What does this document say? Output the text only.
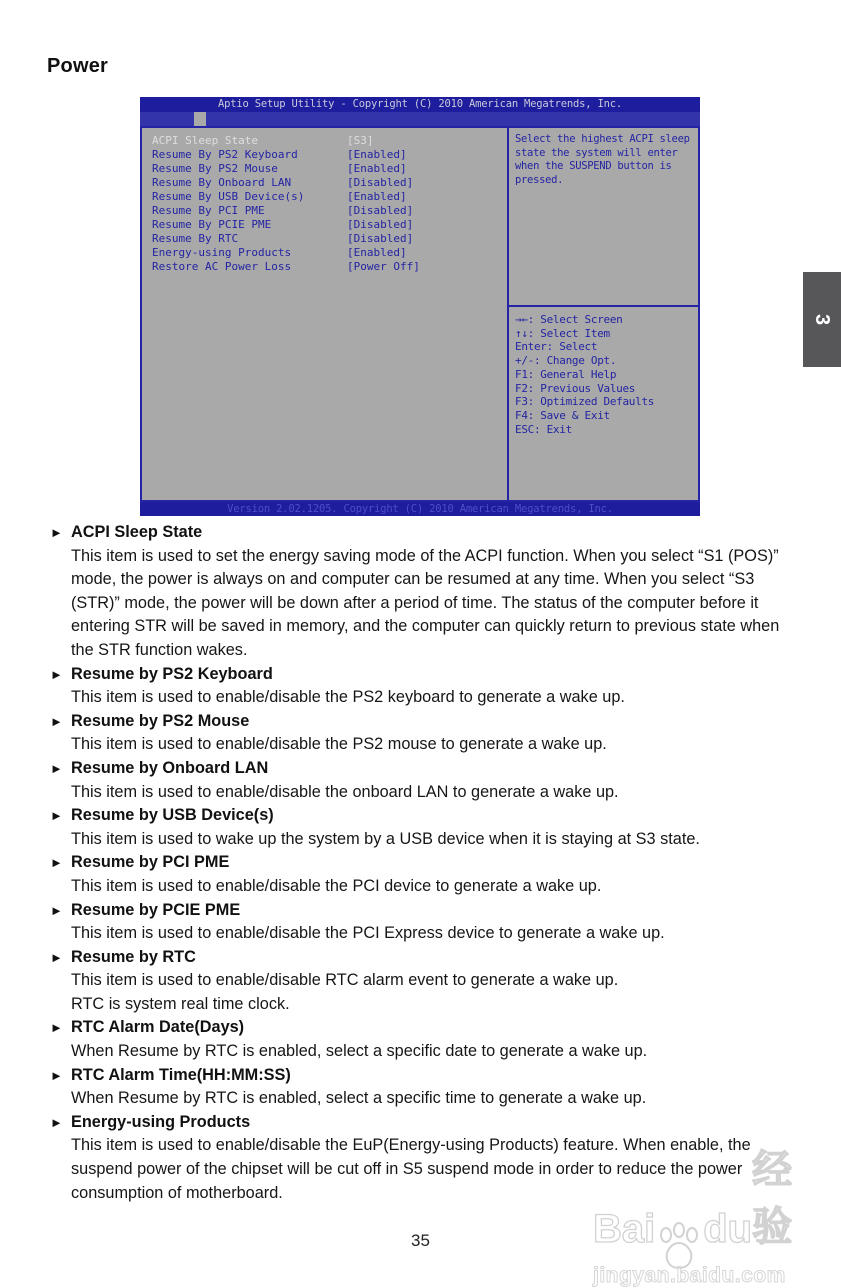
Power
Aptio Setup Utility - Copyright (C) 2010 American Megatrends, Inc.
ACPI Sleep State	[S3]
Resume By PS2 Keyboard	[Enabled]
Resume By PS2 Mouse	[Enabled]
Resume By Onboard LAN	[Disabled]
Resume By USB Device(s)	[Enabled]
Resume By PCI PME	[Disabled]
Resume By PCIE PME	[Disabled]
Resume By RTC	[Disabled]
Energy-using Products	[Enabled]
Restore AC Power Loss	[Power Off]
Select the highest ACPI sleep state the system will enter when the SUSPEND button is pressed.
→←: Select Screen
↑↓: Select Item
Enter: Select
+/-: Change Opt.
F1: General Help
F2: Previous Values
F3: Optimized Defaults
F4: Save & Exit
ESC: Exit
Version 2.02.1205. Copyright (C) 2010 American Megatrends, Inc.
► ACPI Sleep State

This item is used to set the energy saving mode of the ACPI function. When you select “S1 (POS)” mode, the power is always on and computer can be resumed at any time. When you select “S3 (STR)” mode, the power will be down after a period of time. The status of the computer before it entering STR will be saved in memory, and the computer can quickly return to previous state when the STR function wakes.

► Resume by PS2 Keyboard

This item is used to enable/disable the PS2 keyboard to generate a wake up.

► Resume by PS2 Mouse

This item is used to enable/disable the PS2 mouse to generate a wake up.

► Resume by Onboard LAN

This item is used to enable/disable the onboard LAN to generate a wake up.

► Resume by USB Device(s)

This item is used to wake up the system by a USB device when it is staying at S3 state.

► Resume by PCI PME

This item is used to enable/disable the PCI device to generate a wake up.

► Resume by PCIE PME

This item is used to enable/disable the PCI Express device to generate a wake up.

► Resume by RTC

This item is used to enable/disable RTC alarm event to generate a wake up.

RTC is system real time clock.

► RTC Alarm Date(Days)

When Resume by RTC is enabled, select a specific date to generate a wake up.

► RTC Alarm Time(HH:MM:SS)

When Resume by RTC is enabled, select a specific time to generate a wake up.

► Energy-using Products

This item is used to enable/disable the EuP(Energy-using Products) feature. When enable, the suspend power of the chipset will be cut off in S5 suspend mode in order to reduce the power consumption of motherboard.

3
Bai du
经验
jingyan.baidu.com
35
